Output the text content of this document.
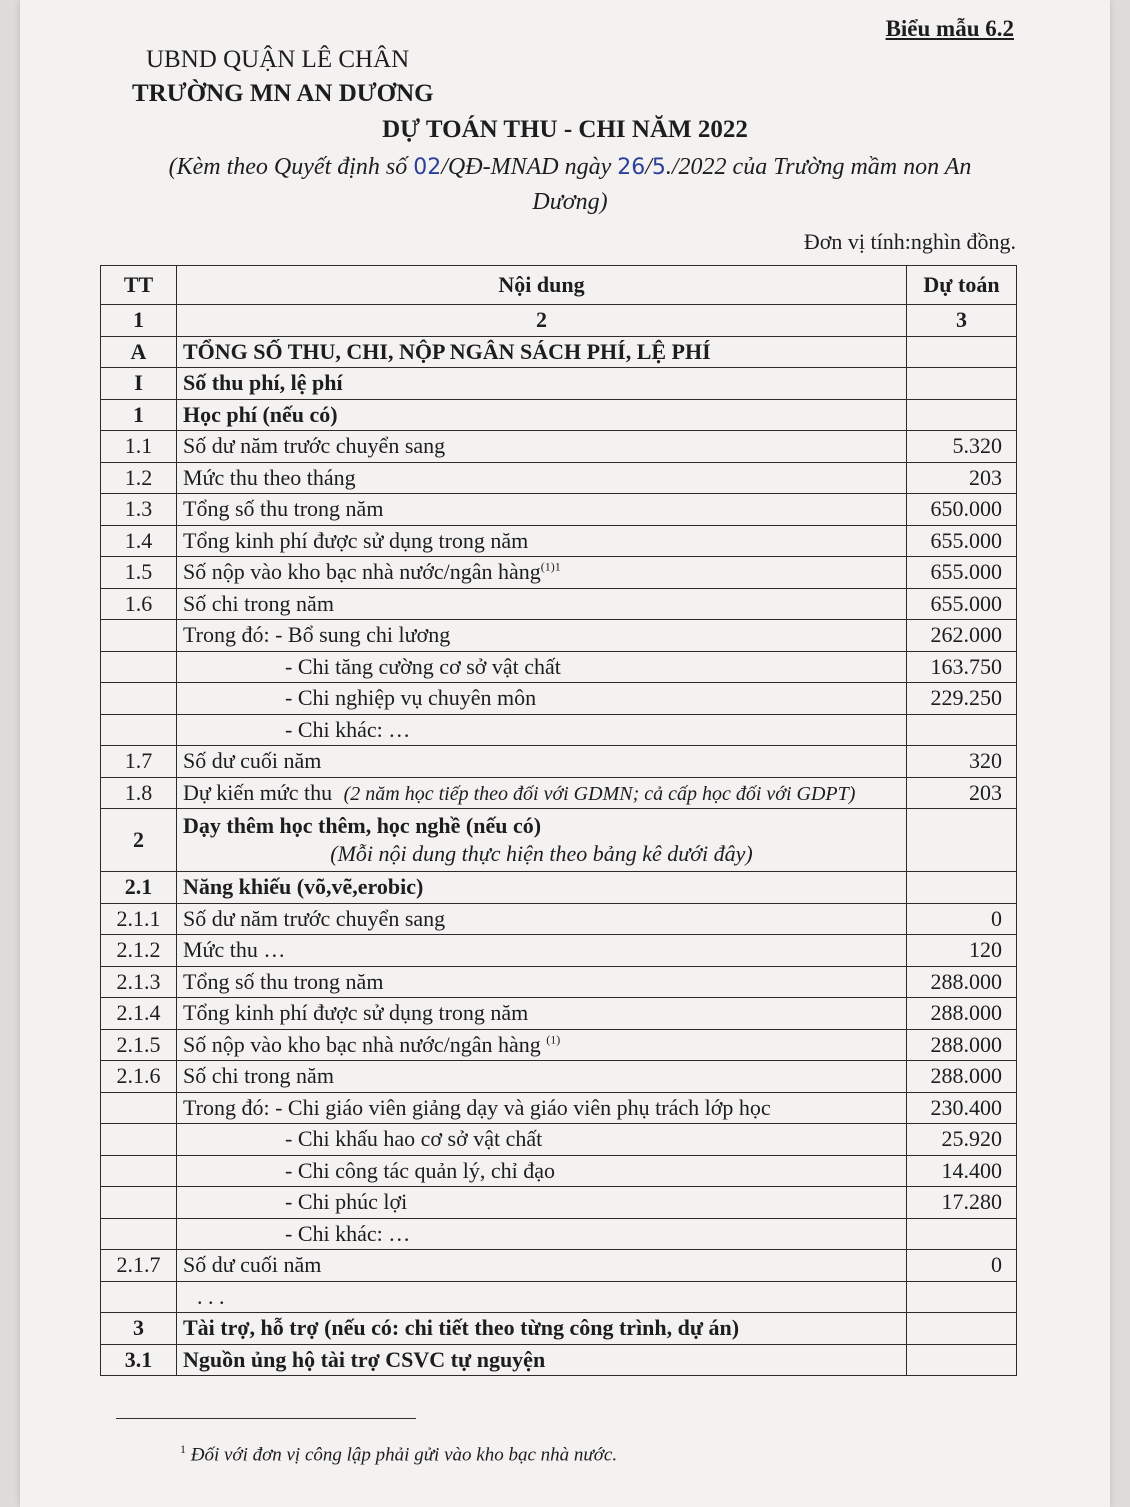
Biểu mẫu 6.2
UBND QUẬN LÊ CHÂN
TRƯỜNG MN AN DƯƠNG
DỰ TOÁN THU - CHI NĂM 2022
(Kèm theo Quyết định số 02/QĐ-MNAD ngày 26/5./2022 của Trường mầm non An Dương)
Đơn vị tính:nghìn đồng.
TT	Nội dung	Dự toán
1	2	3
A	TỔNG SỐ THU, CHI, NỘP NGÂN SÁCH PHÍ, LỆ PHÍ	
I	Số thu phí, lệ phí	
1	Học phí (nếu có)	
1.1	Số dư năm trước chuyển sang	5.320
1.2	Mức thu theo tháng	203
1.3	Tổng số thu trong năm	650.000
1.4	Tổng kinh phí được sử dụng trong năm	655.000
1.5	Số nộp vào kho bạc nhà nước/ngân hàng$^{(1)1}$	655.000
1.6	Số chi trong năm	655.000
	Trong đó: - Bổ sung chi lương	262.000
	- Chi tăng cường cơ sở vật chất	163.750
	- Chi nghiệp vụ chuyên môn	229.250
	- Chi khác: …	
1.7	Số dư cuối năm	320
1.8	Dự kiến mức thu (2 năm học tiếp theo đối với GDMN; cả cấp học đối với GDPT)	203
2	Dạy thêm học thêm, học nghề (nếu có)
(Mỗi nội dung thực hiện theo bảng kê dưới đây)	

2.1	Năng khiếu (võ,vẽ,erobic)	
2.1.1	Số dư năm trước chuyển sang	0
2.1.2	Mức thu …	120
2.1.3	Tổng số thu trong năm	288.000
2.1.4	Tổng kinh phí được sử dụng trong năm	288.000
2.1.5	Số nộp vào kho bạc nhà nước/ngân hàng $^{(1)}$	288.000
2.1.6	Số chi trong năm	288.000
	Trong đó: - Chi giáo viên giảng dạy và giáo viên phụ trách lớp học	230.400
	- Chi khấu hao cơ sở vật chất	25.920
	- Chi công tác quản lý, chỉ đạo	14.400
	- Chi phúc lợi	17.280
	- Chi khác: …	
2.1.7	Số dư cuối năm	0
	. . .	
3	Tài trợ, hỗ trợ (nếu có: chi tiết theo từng công trình, dự án)	
3.1	Nguồn ủng hộ tài trợ CSVC tự nguyện	
$^1$ Đối với đơn vị công lập phải gửi vào kho bạc nhà nước.
